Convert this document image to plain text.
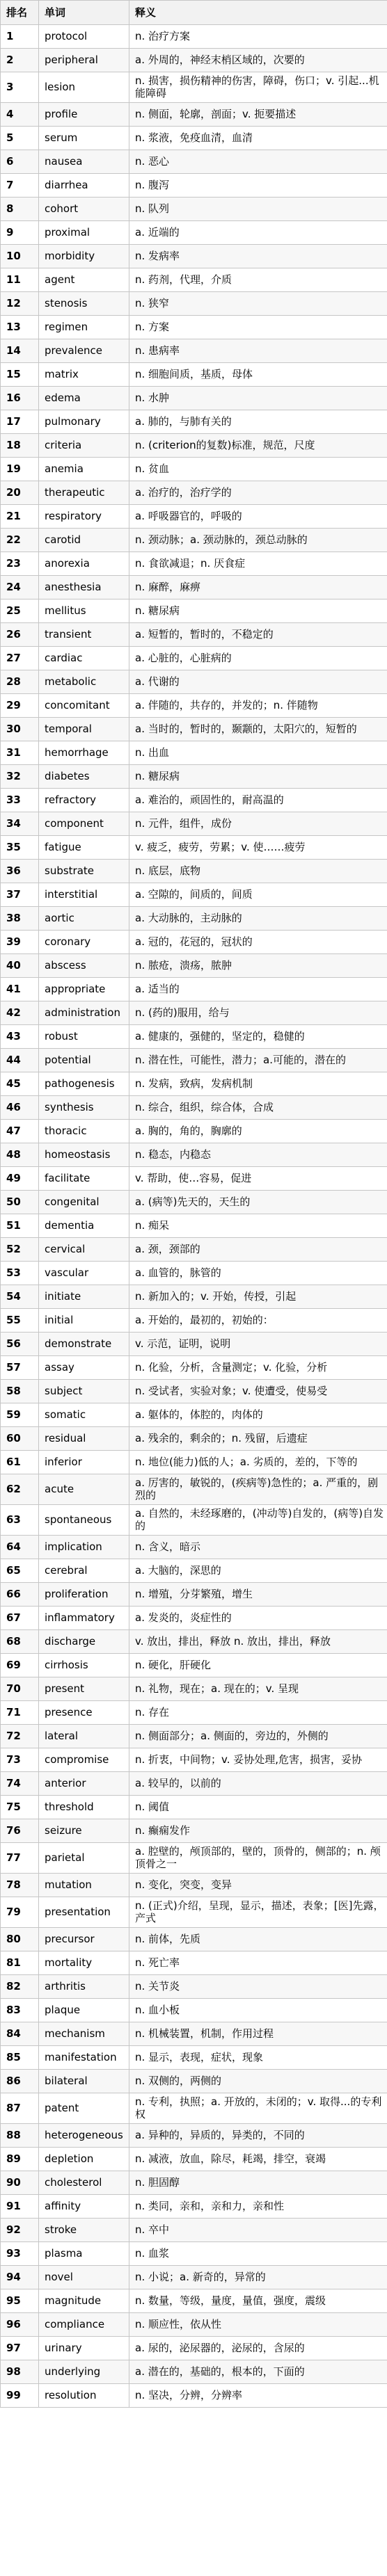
排名	单词	释义
1	protocol	n. 治疗方案
2	peripheral	a. 外周的，神经末梢区域的，次要的
3	lesion	n. 损害，损伤精神的伤害，障碍，伤口；v. 引起...机能障碍
4	profile	n. 侧面，轮廓，剖面；v. 扼要描述
5	serum	n. 浆液，免疫血清，血清
6	nausea	n. 恶心
7	diarrhea	n. 腹泻
8	cohort	n. 队列
9	proximal	a. 近端的
10	morbidity	n. 发病率
11	agent	n. 药剂，代理，介质
12	stenosis	n. 狭窄
13	regimen	n. 方案
14	prevalence	n. 患病率
15	matrix	n. 细胞间质，基质，母体
16	edema	n. 水肿
17	pulmonary	a. 肺的，与肺有关的
18	criteria	n. (criterion的复数)标准，规范，尺度
19	anemia	n. 贫血
20	therapeutic	a. 治疗的，治疗学的
21	respiratory	a. 呼吸器官的，呼吸的
22	carotid	n. 颈动脉；a. 颈动脉的，颈总动脉的
23	anorexia	n. 食欲减退；n. 厌食症
24	anesthesia	n. 麻醉，麻痹
25	mellitus	n. 糖尿病
26	transient	a. 短暂的，暂时的，不稳定的
27	cardiac	a. 心脏的，心脏病的
28	metabolic	a. 代谢的
29	concomitant	a. 伴随的，共存的，并发的；n. 伴随物
30	temporal	a. 当时的，暂时的，颞颥的，太阳穴的，短暂的
31	hemorrhage	n. 出血
32	diabetes	n. 糖尿病
33	refractory	a. 难治的，顽固性的，耐高温的
34	component	n. 元件，组件，成份
35	fatigue	v. 疲乏，疲劳，劳累；v. 使……疲劳
36	substrate	n. 底层，底物
37	interstitial	a. 空隙的，间质的，间质
38	aortic	a. 大动脉的，主动脉的
39	coronary	a. 冠的，花冠的，冠状的
40	abscess	n. 脓疮，溃疡，脓肿
41	appropriate	a. 适当的
42	administration	n. (药的)服用，给与
43	robust	a. 健康的，强健的，坚定的，稳健的
44	potential	n. 潜在性，可能性，潜力；a.可能的，潜在的
45	pathogenesis	n. 发病，致病，发病机制
46	synthesis	n. 综合，组织，综合体，合成
47	thoracic	a. 胸的，角的，胸廓的
48	homeostasis	n. 稳态，内稳态
49	facilitate	v. 帮助，使…容易，促进
50	congenital	a. (病等)先天的，天生的
51	dementia	n. 痴呆
52	cervical	a. 颈，颈部的
53	vascular	a. 血管的，脉管的
54	initiate	n. 新加入的；v. 开始，传授，引起
55	initial	a. 开始的，最初的，初始的：
56	demonstrate	v. 示范，证明，说明
57	assay	n. 化验，分析，含量测定；v. 化验，分析
58	subject	n. 受试者，实验对象；v. 使遭受，使易受
59	somatic	a. 躯体的，体腔的，肉体的
60	residual	a. 残余的，剩余的；n. 残留，后遗症
61	inferior	n. 地位(能力)低的人；a. 劣质的，差的，下等的
62	acute	a. 厉害的，敏锐的，(疾病等)急性的；a. 严重的，剧烈的
63	spontaneous	a. 自然的，未经琢磨的，(冲动等)自发的，(病等)自发的
64	implication	n. 含义，暗示
65	cerebral	a. 大脑的，深思的
66	proliferation	n. 增殖，分芽繁殖，增生
67	inflammatory	a. 发炎的，炎症性的
68	discharge	v. 放出，排出，释放 n. 放出，排出，释放
69	cirrhosis	n. 硬化，肝硬化
70	present	n. 礼物，现在；a. 现在的；v. 呈现
71	presence	n. 存在
72	lateral	n. 侧面部分；a. 侧面的，旁边的，外侧的
73	compromise	n. 折衷，中间物；v. 妥协处理,危害，损害，妥协
74	anterior	a. 较早的，以前的
75	threshold	n. 阈值
76	seizure	n. 癫痫发作
77	parietal	a. 腔壁的，颅顶部的，壁的，顶骨的，侧部的；n. 颅顶骨之一
78	mutation	n. 变化，突变，变异
79	presentation	n. (正式)介绍，呈现，显示，描述，表象；[医]先露，产式
80	precursor	n. 前体，先质
81	mortality	n. 死亡率
82	arthritis	n. 关节炎
83	plaque	n. 血小板
84	mechanism	n. 机械装置，机制，作用过程
85	manifestation	n. 显示，表现，症状，现象
86	bilateral	n. 双侧的，两侧的
87	patent	n. 专利，执照；a. 开放的，未闭的；v. 取得...的专利权
88	heterogeneous	a. 异种的，异质的，异类的，不同的
89	depletion	n. 减液，放血，除尽，耗竭，排空，衰竭
90	cholesterol	n. 胆固醇
91	affinity	n. 类同，亲和，亲和力，亲和性
92	stroke	n. 卒中
93	plasma	n. 血浆
94	novel	n. 小说；a. 新奇的，异常的
95	magnitude	n. 数量，等级，量度，量值，强度，震级
96	compliance	n. 顺应性，依从性
97	urinary	a. 尿的，泌尿器的，泌尿的，含尿的
98	underlying	a. 潜在的，基础的，根本的，下面的
99	resolution	n. 坚决，分辨，分辨率
